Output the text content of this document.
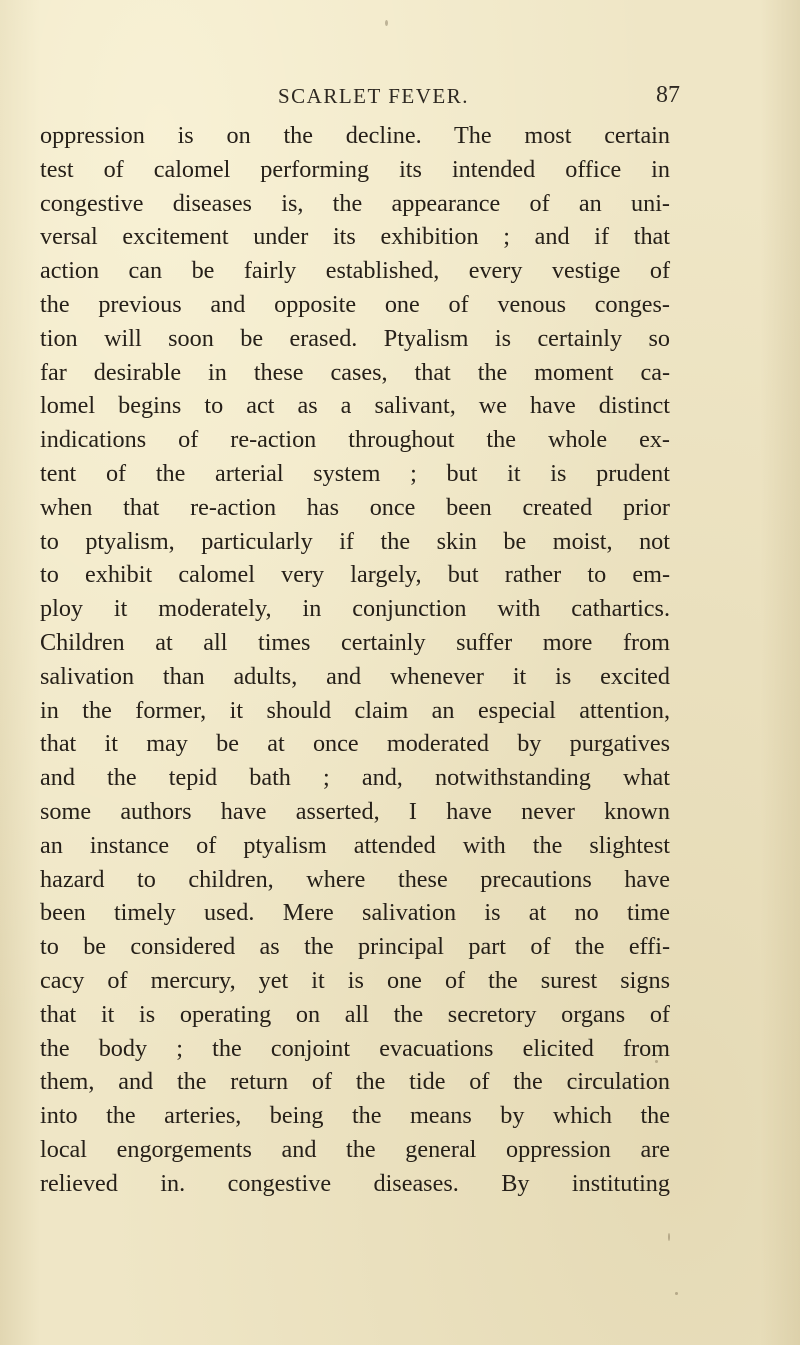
SCARLET FEVER.	87
oppression is on the decline. The most certain
test of calomel performing its intended office in
congestive diseases is, the appearance of an uni-
versal excitement under its exhibition ; and if that
action can be fairly established, every vestige of
the previous and opposite one of venous conges-
tion will soon be erased. Ptyalism is certainly so
far desirable in these cases, that the moment ca-
lomel begins to act as a salivant, we have distinct
indications of re-action throughout the whole ex-
tent of the arterial system ; but it is prudent
when that re-action has once been created prior
to ptyalism, particularly if the skin be moist, not
to exhibit calomel very largely, but rather to em-
ploy it moderately, in conjunction with cathartics.
Children at all times certainly suffer more from
salivation than adults, and whenever it is excited
in the former, it should claim an especial attention,
that it may be at once moderated by purgatives
and the tepid bath ; and, notwithstanding what
some authors have asserted, I have never known
an instance of ptyalism attended with the slightest
hazard to children, where these precautions have
been timely used. Mere salivation is at no time
to be considered as the principal part of the effi-
cacy of mercury, yet it is one of the surest signs
that it is operating on all the secretory organs of
the body ; the conjoint evacuations elicited from
them, and the return of the tide of the circulation
into the arteries, being the means by which the
local engorgements and the general oppression are
relieved in. congestive diseases. By instituting
